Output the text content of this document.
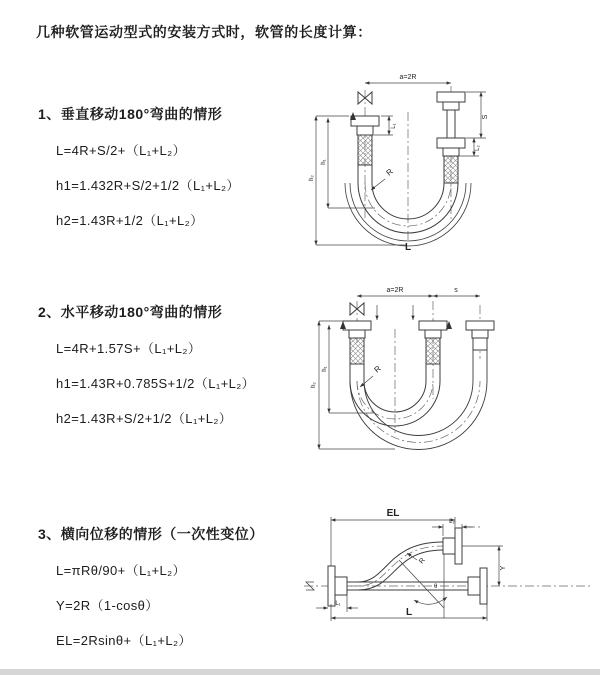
几种软管运动型式的安装方式时，软管的长度计算：
1、垂直移动180°弯曲的情形
L=4R+S/2+（L₁+L₂）
h1=1.432R+S/2+1/2（L₁+L₂）
h2=1.43R+1/2（L₁+L₂）
2、水平移动180°弯曲的情形
L=4R+1.57S+（L₁+L₂）
h1=1.43R+0.785S+1/2（L₁+L₂）
h2=1.43R+S/2+1/2（L₁+L₂）
3、横向位移的情形（一次性变位）
L=πRθ/90+（L₁+L₂）
Y=2R（1-cosθ）
EL=2Rsinθ+（L₁+L₂）
a=2R
S
L₂
L₁
h₁
h₂
R
L
a=2R	s
h₁
h₂
R
EL
L₂
Y
R
θ
L
L₁
